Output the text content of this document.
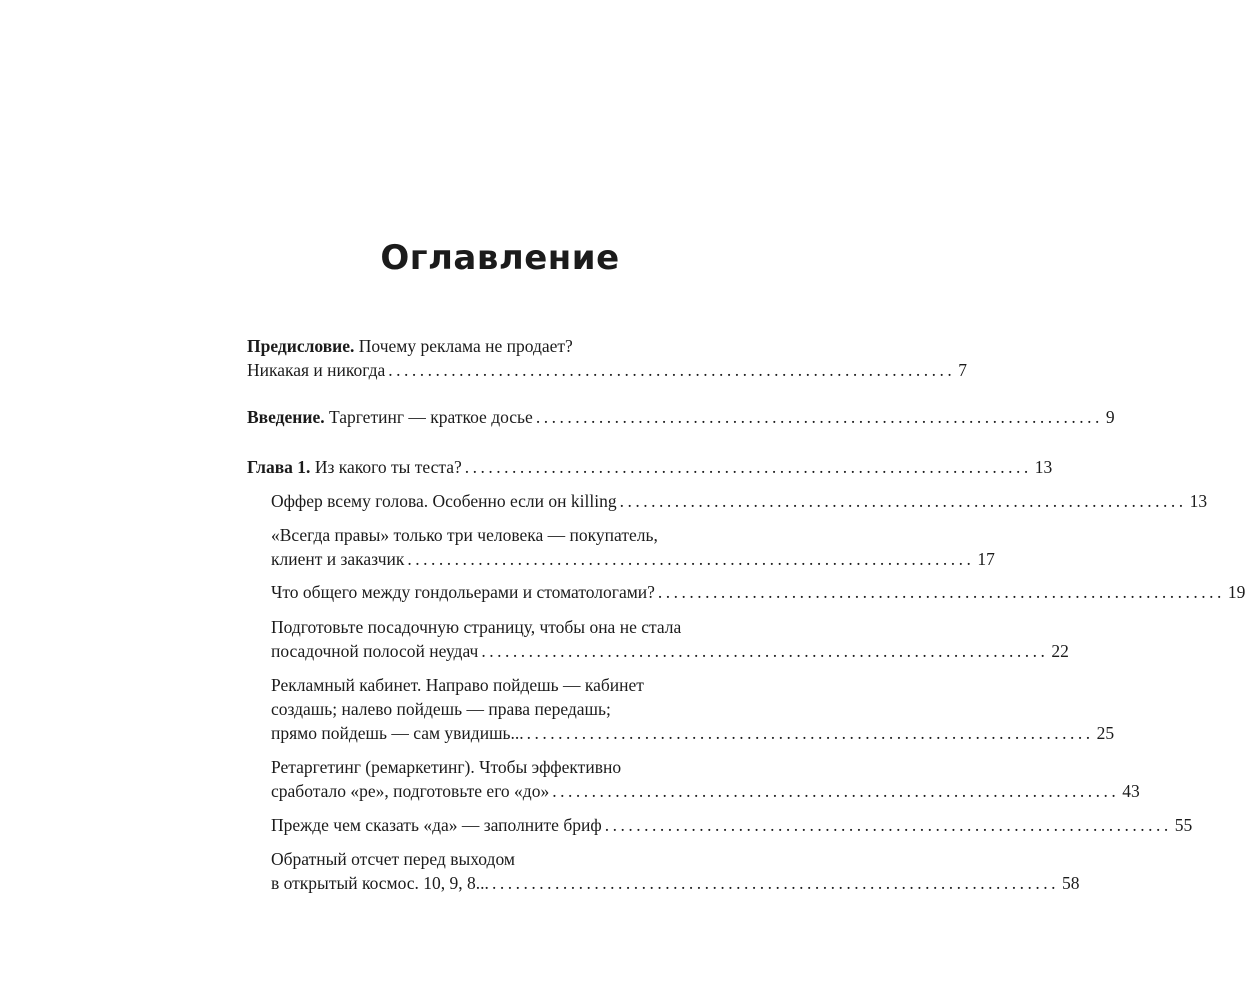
Оглавление
Предисловие. Почему реклама не продает?
Никакая и никогда ........................................................................ 7
Введение. Таргетинг — краткое досье ........................................................................ 9
Глава 1. Из какого ты теста? ........................................................................ 13
Оффер всему голова. Особенно если он killing ........................................................................ 13
«Всегда правы» только три человека — покупатель,
клиент и заказчик ........................................................................ 17
Что общего между гондольерами и стоматологами? ........................................................................ 19
Подготовьте посадочную страницу, чтобы она не стала
посадочной полосой неудач ........................................................................ 22
Рекламный кабинет. Направо пойдешь — кабинет
создашь; налево пойдешь — права передашь;
прямо пойдешь — сам увидишь... ........................................................................ 25
Ретаргетинг (ремаркетинг). Чтобы эффективно
сработало «ре», подготовьте его «до» ........................................................................ 43
Прежде чем сказать «да» — заполните бриф ........................................................................ 55
Обратный отсчет перед выходом
в открытый космос. 10, 9, 8... ........................................................................ 58
